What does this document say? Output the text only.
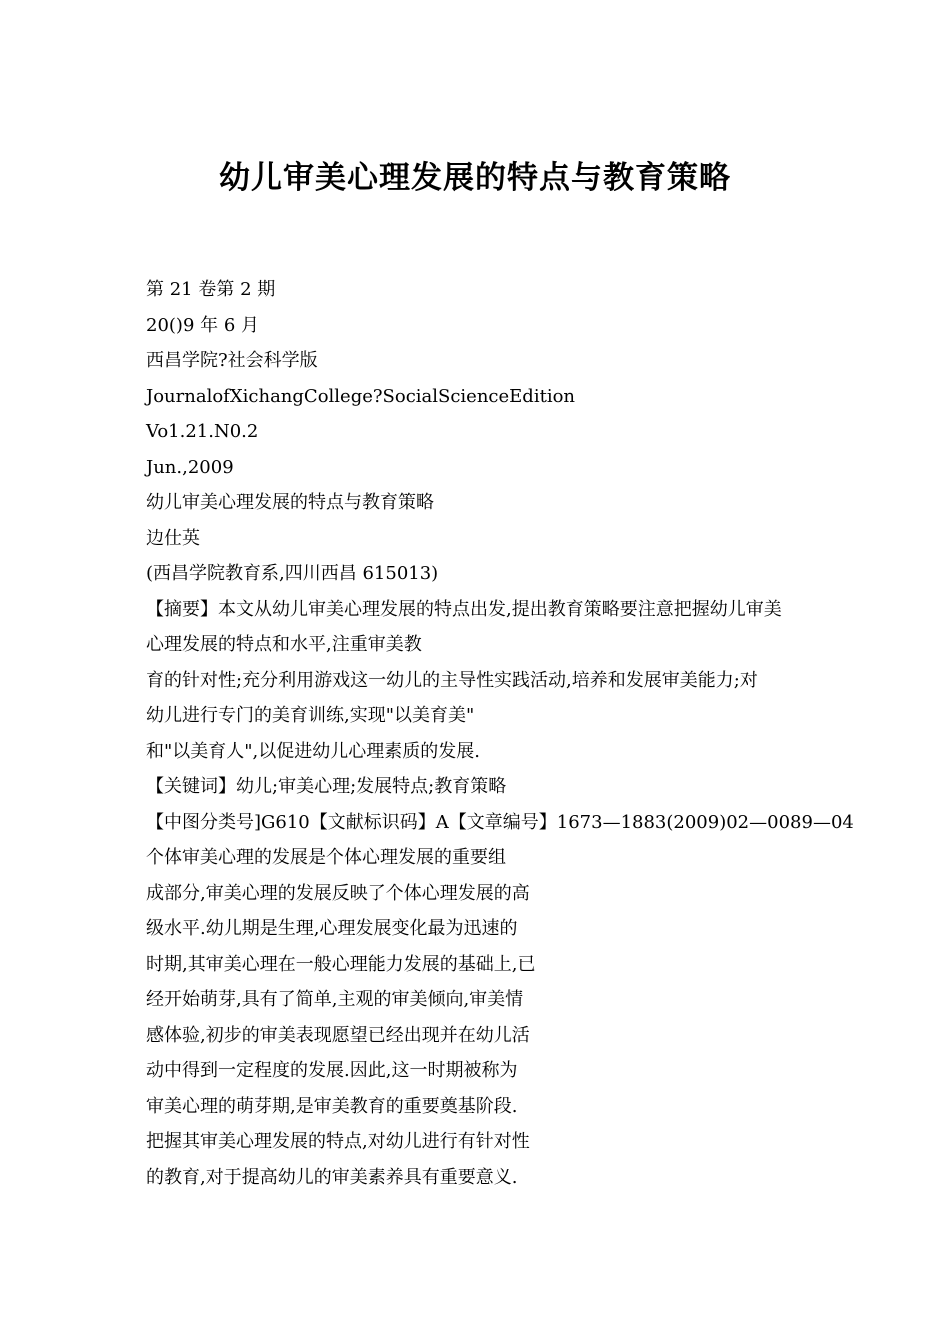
幼儿审美心理发展的特点与教育策略
第 21 卷第 2 期
20()9 年 6 月
西昌学院?社会科学版
JournalofXichangCollege?SocialScienceEdition
Vo1.21.N0.2
Jun.,2009
幼儿审美心理发展的特点与教育策略
边仕英
(西昌学院教育系,四川西昌 615013)
【摘要】本文从幼儿审美心理发展的特点出发,提出教育策略要注意把握幼儿审美
心理发展的特点和水平,注重审美教
育的针对性;充分利用游戏这一幼儿的主导性实践活动,培养和发展审美能力;对
幼儿进行专门的美育训练,实现"以美育美"
和"以美育人",以促进幼儿心理素质的发展.
【关键词】幼儿;审美心理;发展特点;教育策略
【中图分类号]G610【文献标识码】A【文章编号】1673—1883(2009)02—0089—04
个体审美心理的发展是个体心理发展的重要组
成部分,审美心理的发展反映了个体心理发展的高
级水平.幼儿期是生理,心理发展变化最为迅速的
时期,其审美心理在一般心理能力发展的基础上,已
经开始萌芽,具有了简单,主观的审美倾向,审美情
感体验,初步的审美表现愿望已经出现并在幼儿活
动中得到一定程度的发展.因此,这一时期被称为
审美心理的萌芽期,是审美教育的重要奠基阶段.
把握其审美心理发展的特点,对幼儿进行有针对性
的教育,对于提高幼儿的审美素养具有重要意义.
